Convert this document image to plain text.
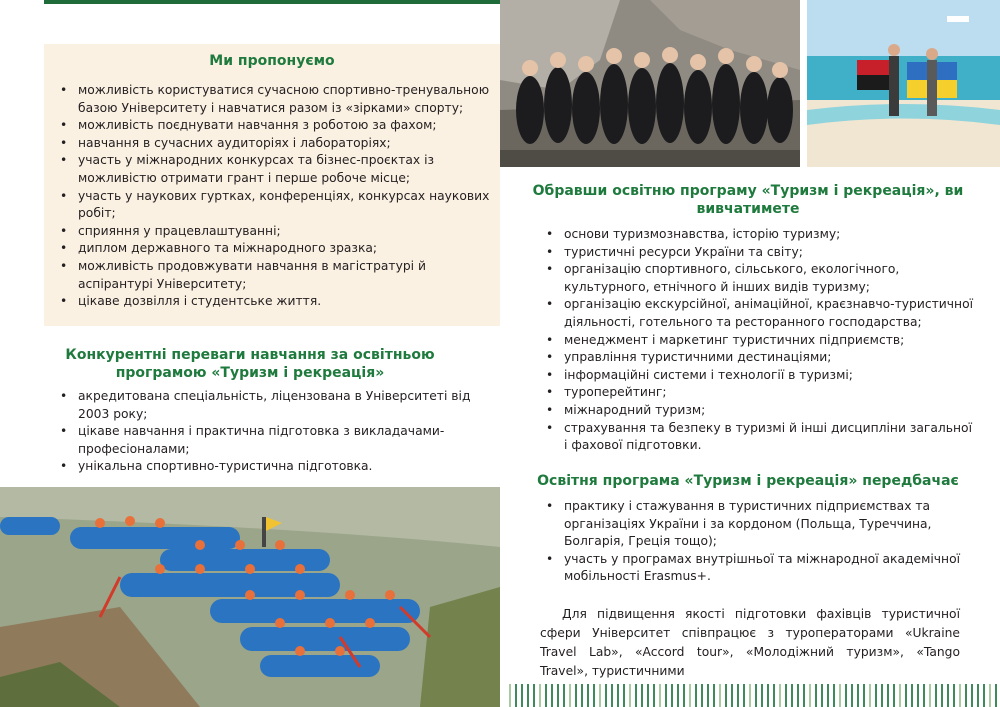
Ми пропонуємо
• можливість користуватися сучасною спортивно-тренувальною базою Університету і навчатися разом із «зірками» спорту;
• можливість поєднувати навчання з роботою за фахом;
• навчання в сучасних аудиторіях і лабораторіях;
• участь у міжнародних конкурсах та бізнес-проєктах із можливістю отримати грант і перше робоче місце;
• участь у наукових гуртках, конференціях, конкурсах наукових робіт;
• сприяння у працевлаштуванні;
• диплом державного та міжнародного зразка;
• можливість продовжувати навчання в магістратурі й аспірантурі Університету;
• цікаве дозвілля і студентське життя.
Конкурентні переваги навчання за освітньою програмою «Туризм і рекреація»
• акредитована спеціальність, ліцензована в Університеті від 2003 року;
• цікаве навчання і практична підготовка з викладачами-професіоналами;
• унікальна спортивно-туристична підготовка.
Обравши освітню програму «Туризм і рекреація», ви вивчатимете
• основи туризмознавства, історію туризму;
• туристичні ресурси України та світу;
• організацію спортивного, сільського, екологічного, культурного, етнічного й інших видів туризму;
• організацію екскурсійної, анімаційної, краєзнавчо-туристичної діяльності, готельного та ресторанного господарства;
• менеджмент і маркетинг туристичних підприємств;
• управління туристичними дестинаціями;
• інформаційні системи і технології в туризмі;
• туроперейтинг;
• міжнародний туризм;
• страхування та безпеку в туризмі й інші дисципліни загальної і фахової підготовки.
Освітня програма «Туризм і рекреація» передбачає
• практику і стажування в туристичних підприємствах та організаціях України і за кордоном (Польща, Туреччина, Болгарія, Греція тощо);
• участь у програмах внутрішньої та міжнародної академічної мобільності Erasmus+.

Для підвищення якості підготовки фахівців туристичної сфери Університет співпрацює з туроператорами «Ukraine Travel Lab», «Accord tour», «Молодіжний туризм», «Tango Travel», туристичними
